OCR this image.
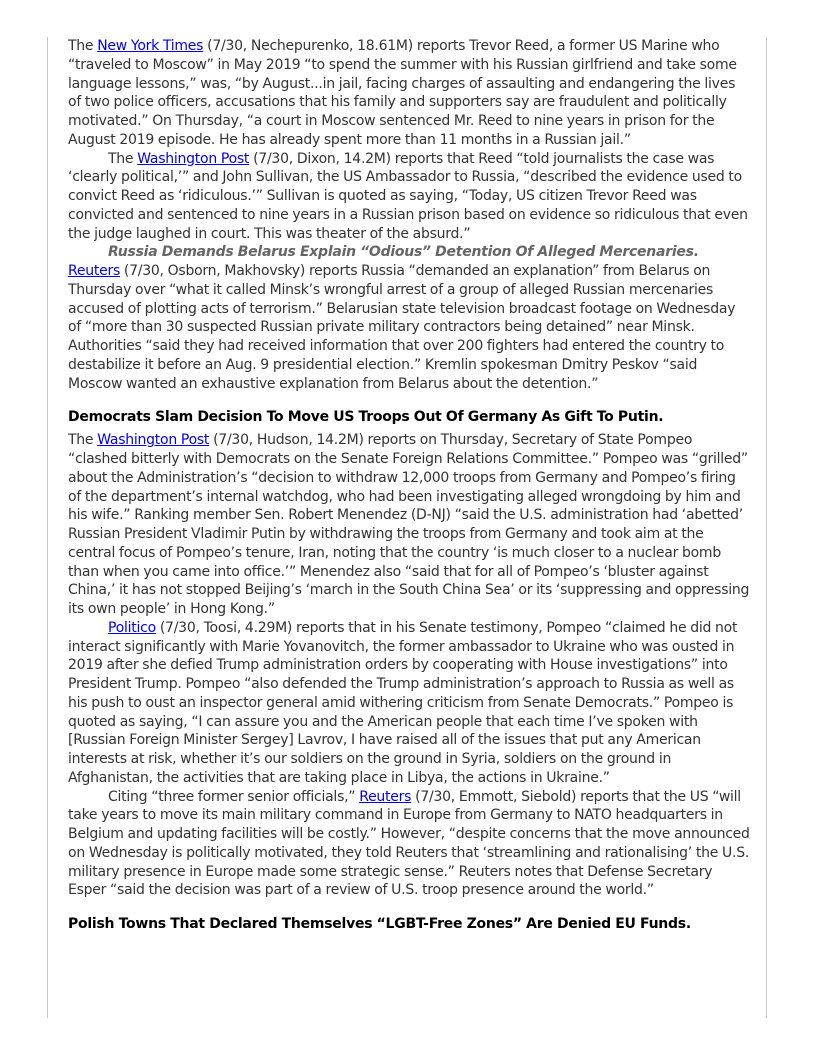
The New York Times (7/30, Nechepurenko, 18.61M) reports Trevor Reed, a former US Marine who “traveled to Moscow” in May 2019 “to spend the summer with his Russian girlfriend and take some language lessons,” was, “by August...in jail, facing charges of assaulting and endangering the lives of two police officers, accusations that his family and supporters say are fraudulent and politically motivated.” On Thursday, “a court in Moscow sentenced Mr. Reed to nine years in prison for the August 2019 episode. He has already spent more than 11 months in a Russian jail.”

The Washington Post (7/30, Dixon, 14.2M) reports that Reed “told journalists the case was ‘clearly political,’” and John Sullivan, the US Ambassador to Russia, “described the evidence used to convict Reed as ‘ridiculous.’” Sullivan is quoted as saying, “Today, US citizen Trevor Reed was convicted and sentenced to nine years in a Russian prison based on evidence so ridiculous that even the judge laughed in court. This was theater of the absurd.”

Russia Demands Belarus Explain “Odious” Detention Of Alleged Mercenaries.

Reuters (7/30, Osborn, Makhovsky) reports Russia “demanded an explanation” from Belarus on Thursday over “what it called Minsk’s wrongful arrest of a group of alleged Russian mercenaries accused of plotting acts of terrorism.” Belarusian state television broadcast footage on Wednesday of “more than 30 suspected Russian private military contractors being detained” near Minsk. Authorities “said they had received information that over 200 fighters had entered the country to destabilize it before an Aug. 9 presidential election.” Kremlin spokesman Dmitry Peskov “said Moscow wanted an exhaustive explanation from Belarus about the detention.”

Democrats Slam Decision To Move US Troops Out Of Germany As Gift To Putin.

The Washington Post (7/30, Hudson, 14.2M) reports on Thursday, Secretary of State Pompeo “clashed bitterly with Democrats on the Senate Foreign Relations Committee.” Pompeo was “grilled” about the Administration’s “decision to withdraw 12,000 troops from Germany and Pompeo’s firing of the department’s internal watchdog, who had been investigating alleged wrongdoing by him and his wife.” Ranking member Sen. Robert Menendez (D-NJ) “said the U.S. administration had ‘abetted’ Russian President Vladimir Putin by withdrawing the troops from Germany and took aim at the central focus of Pompeo’s tenure, Iran, noting that the country ‘is much closer to a nuclear bomb than when you came into office.’” Menendez also “said that for all of Pompeo’s ‘bluster against China,’ it has not stopped Beijing’s ‘march in the South China Sea’ or its ‘suppressing and oppressing its own people’ in Hong Kong.”

Politico (7/30, Toosi, 4.29M) reports that in his Senate testimony, Pompeo “claimed he did not interact significantly with Marie Yovanovitch, the former ambassador to Ukraine who was ousted in 2019 after she defied Trump administration orders by cooperating with House investigations” into President Trump. Pompeo “also defended the Trump administration’s approach to Russia as well as his push to oust an inspector general amid withering criticism from Senate Democrats.” Pompeo is quoted as saying, “I can assure you and the American people that each time I’ve spoken with [Russian Foreign Minister Sergey] Lavrov, I have raised all of the issues that put any American interests at risk, whether it’s our soldiers on the ground in Syria, soldiers on the ground in Afghanistan, the activities that are taking place in Libya, the actions in Ukraine.”

Citing “three former senior officials,” Reuters (7/30, Emmott, Siebold) reports that the US “will take years to move its main military command in Europe from Germany to NATO headquarters in Belgium and updating facilities will be costly.” However, “despite concerns that the move announced on Wednesday is politically motivated, they told Reuters that ‘streamlining and rationalising’ the U.S. military presence in Europe made some strategic sense.” Reuters notes that Defense Secretary Esper “said the decision was part of a review of U.S. troop presence around the world.”

Polish Towns That Declared Themselves “LGBT-Free Zones” Are Denied EU Funds.
